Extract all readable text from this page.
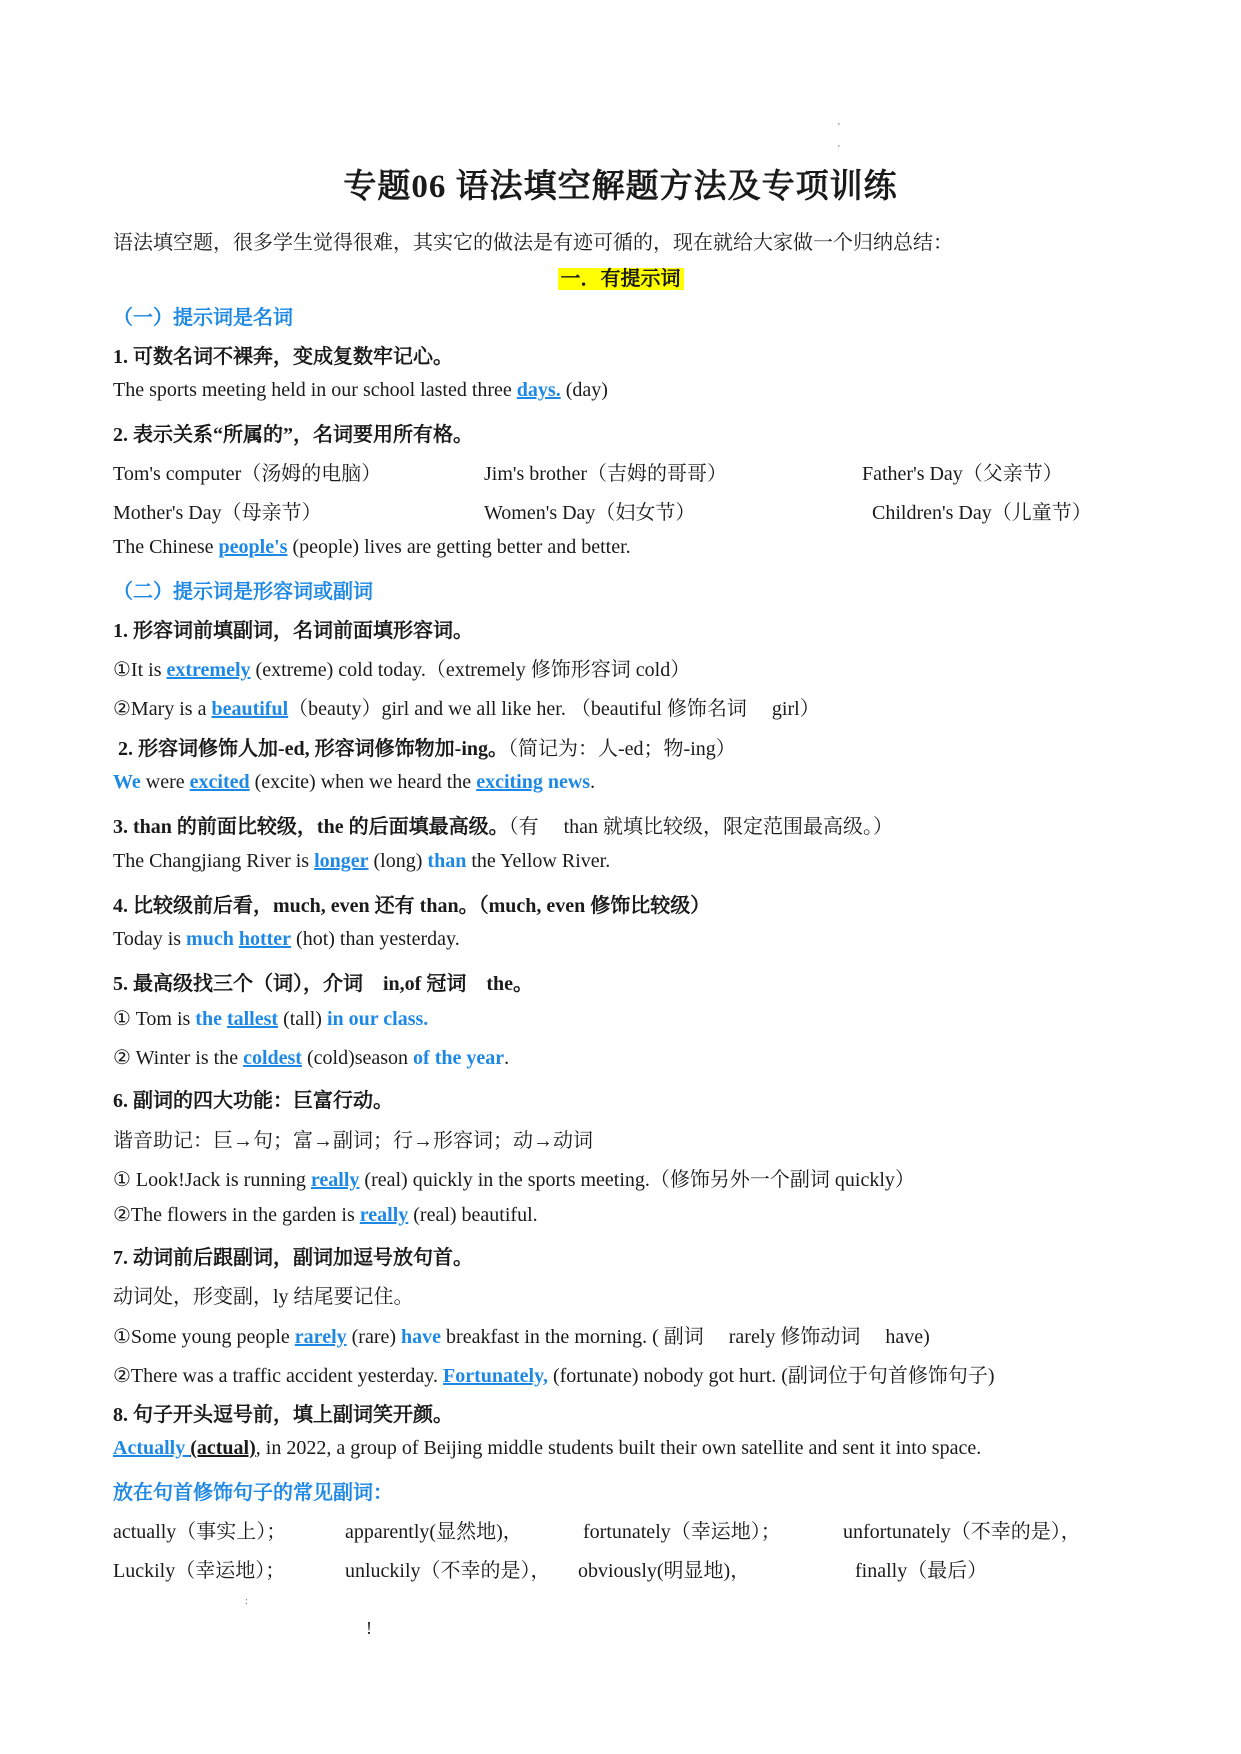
'
'
专题06 语法填空解题方法及专项训练
语法填空题，很多学生觉得很难，其实它的做法是有迹可循的，现在就给大家做一个归纳总结：
一．有提示词
（一）提示词是名词
1. 可数名词不裸奔，变成复数牢记心。
The sports meeting held in our school lasted three days. (day)
2. 表示关系“所属的”，名词要用所有格。
Tom's computer（汤姆的电脑）	Jim's brother（吉姆的哥哥）	Father's Day（父亲节）
Mother's Day（母亲节）	Women's Day（妇女节）	Children's Day（儿童节）
The Chinese people's (people) lives are getting better and better.
（二）提示词是形容词或副词
1. 形容词前填副词，名词前面填形容词。
①It is extremely (extreme) cold today.（extremely 修饰形容词 cold）
②Mary is a beautiful（beauty）girl and we all like her. （beautiful 修饰名词　 girl）
2. 形容词修饰人加-ed, 形容词修饰物加-ing。（简记为：人-ed；物-ing）
We were excited (excite) when we heard the exciting news.
3. than 的前面比较级，the 的后面填最高级。（有　 than 就填比较级，限定范围最高级。）
The Changjiang River is longer (long) than the Yellow River.
4. 比较级前后看，much, even 还有 than。（much, even 修饰比较级）
Today is much hotter (hot) than yesterday.
5. 最高级找三个（词），介词　in,of 冠词　the。
① Tom is the tallest (tall) in our class.
② Winter is the coldest (cold)season of the year.
6. 副词的四大功能：巨富行动。
谐音助记：巨→句；富→副词；行→形容词；动→动词
① Look!Jack is running really (real) quickly in the sports meeting.（修饰另外一个副词 quickly）
②The flowers in the garden is really (real) beautiful.
7. 动词前后跟副词，副词加逗号放句首。
动词处，形变副，ly 结尾要记住。
①Some young people rarely (rare) have breakfast in the morning. ( 副词　 rarely 修饰动词　 have)
②There was a traffic accident yesterday. Fortunately, (fortunate) nobody got hurt. (副词位于句首修饰句子)
8. 句子开头逗号前，填上副词笑开颜。
Actually (actual), in 2022, a group of Beijing middle students built their own satellite and sent it into space.
放在句首修饰句子的常见副词：
actually（事实上）；	apparently(显然地)，	fortunately（幸运地）；	unfortunately（不幸的是），
Luckily（幸运地）；	unluckily（不幸的是）， obviously(明显地)，	finally（最后）
:
!
